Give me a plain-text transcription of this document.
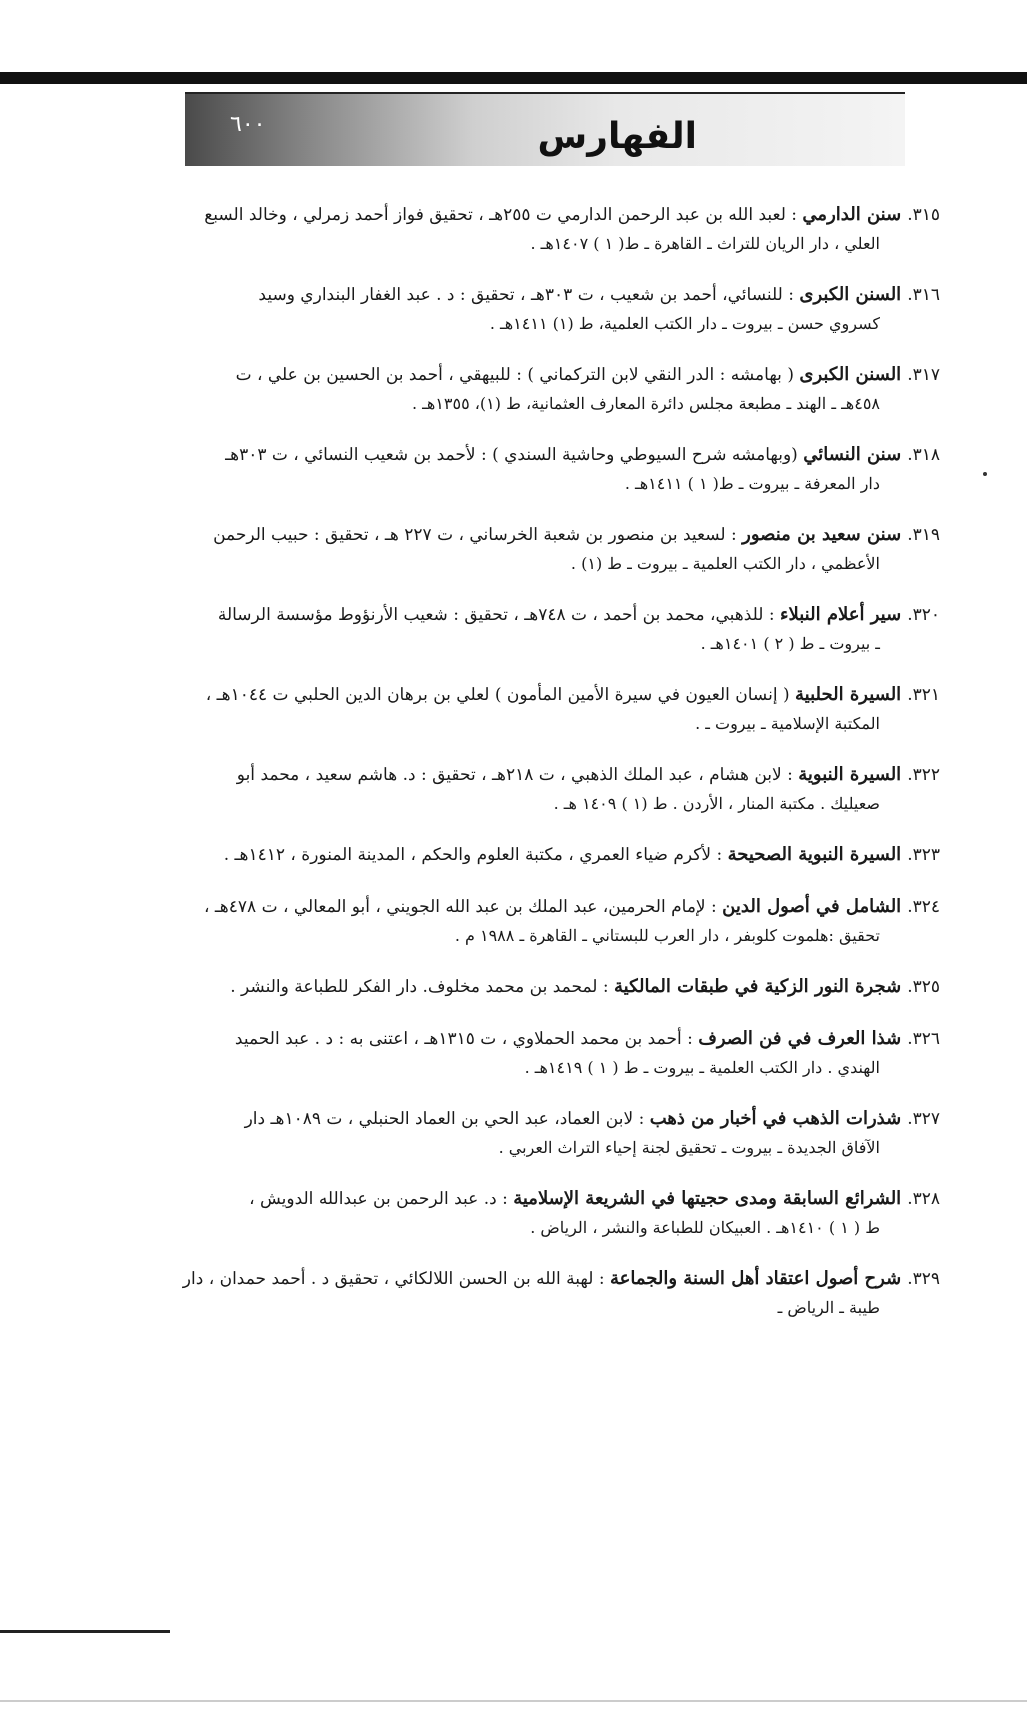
٦٠٠	الفهارس
٣١٥.سنن الدارمي : لعبد الله بن عبد الرحمن الدارمي ت ٢٥٥هـ ، تحقيق فواز أحمد زمرلي ، وخالد السبع
العلي ، دار الريان للتراث ـ القاهرة ـ ط( ١ ) ١٤٠٧هـ .
٣١٦.السنن الكبرى : للنسائي، أحمد بن شعيب ، ت ٣٠٣هـ ، تحقيق : د . عبد الغفار البنداري وسيد
كسروي حسن ـ بيروت ـ دار الكتب العلمية، ط (١) ١٤١١هـ .
٣١٧.السنن الكبرى ( بهامشه : الدر النقي لابن التركماني ) : للبيهقي ، أحمد بن الحسين بن علي ، ت
٤٥٨هـ ـ الهند ـ مطبعة مجلس دائرة المعارف العثمانية، ط (١)، ١٣٥٥هـ .
٣١٨.سنن النسائي (وبهامشه شرح السيوطي وحاشية السندي ) : لأحمد بن شعيب النسائي ، ت ٣٠٣هـ
دار المعرفة ـ بيروت ـ ط( ١ ) ١٤١١هـ .
٣١٩.سنن سعيد بن منصور : لسعيد بن منصور بن شعبة الخرساني ، ت ٢٢٧ هـ ، تحقيق : حبيب الرحمن
الأعظمي ، دار الكتب العلمية ـ بيروت ـ ط (١) .
٣٢٠.سير أعلام النبلاء : للذهبي، محمد بن أحمد ، ت ٧٤٨هـ ، تحقيق : شعيب الأرنؤوط مؤسسة الرسالة
ـ بيروت ـ ط ( ٢ ) ١٤٠١هـ .
٣٢١.السيرة الحلبية ( إنسان العيون في سيرة الأمين المأمون ) لعلي بن برهان الدين الحلبي ت ١٠٤٤هـ ،
المكتبة الإسلامية ـ بيروت ـ .
٣٢٢.السيرة النبوية : لابن هشام ، عبد الملك الذهبي ، ت ٢١٨هـ ، تحقيق : د. هاشم سعيد ، محمد أبو
صعيليك . مكتبة المنار ، الأردن . ط (١ ) ١٤٠٩ هـ .
٣٢٣.السيرة النبوية الصحيحة : لأكرم ضياء العمري ، مكتبة العلوم والحكم ، المدينة المنورة ، ١٤١٢هـ .
٣٢٤.الشامل في أصول الدين : لإمام الحرمين، عبد الملك بن عبد الله الجويني ، أبو المعالي ، ت ٤٧٨هـ ،
تحقيق :هلموت كلوبفر ، دار العرب للبستاني ـ القاهرة ـ ١٩٨٨ م .
٣٢٥.شجرة النور الزكية في طبقات المالكية : لمحمد بن محمد مخلوف. دار الفكر للطباعة والنشر .
٣٢٦.شذا العرف في فن الصرف : أحمد بن محمد الحملاوي ، ت ١٣١٥هـ ، اعتنى به : د . عبد الحميد
الهندي . دار الكتب العلمية ـ بيروت ـ ط ( ١ ) ١٤١٩هـ .
٣٢٧.شذرات الذهب في أخبار من ذهب : لابن العماد، عبد الحي بن العماد الحنبلي ، ت ١٠٨٩هـ دار
الآفاق الجديدة ـ بيروت ـ تحقيق لجنة إحياء التراث العربي .
٣٢٨.الشرائع السابقة ومدى حجيتها في الشريعة الإسلامية : د. عبد الرحمن بن عبدالله الدويش ،
ط ( ١ ) ١٤١٠هـ . العبيكان للطباعة والنشر ، الرياض .
٣٢٩.شرح أصول اعتقاد أهل السنة والجماعة : لهبة الله بن الحسن اللالكائي ، تحقيق د . أحمد حمدان ، دار
طيبة ـ الرياض ـ
